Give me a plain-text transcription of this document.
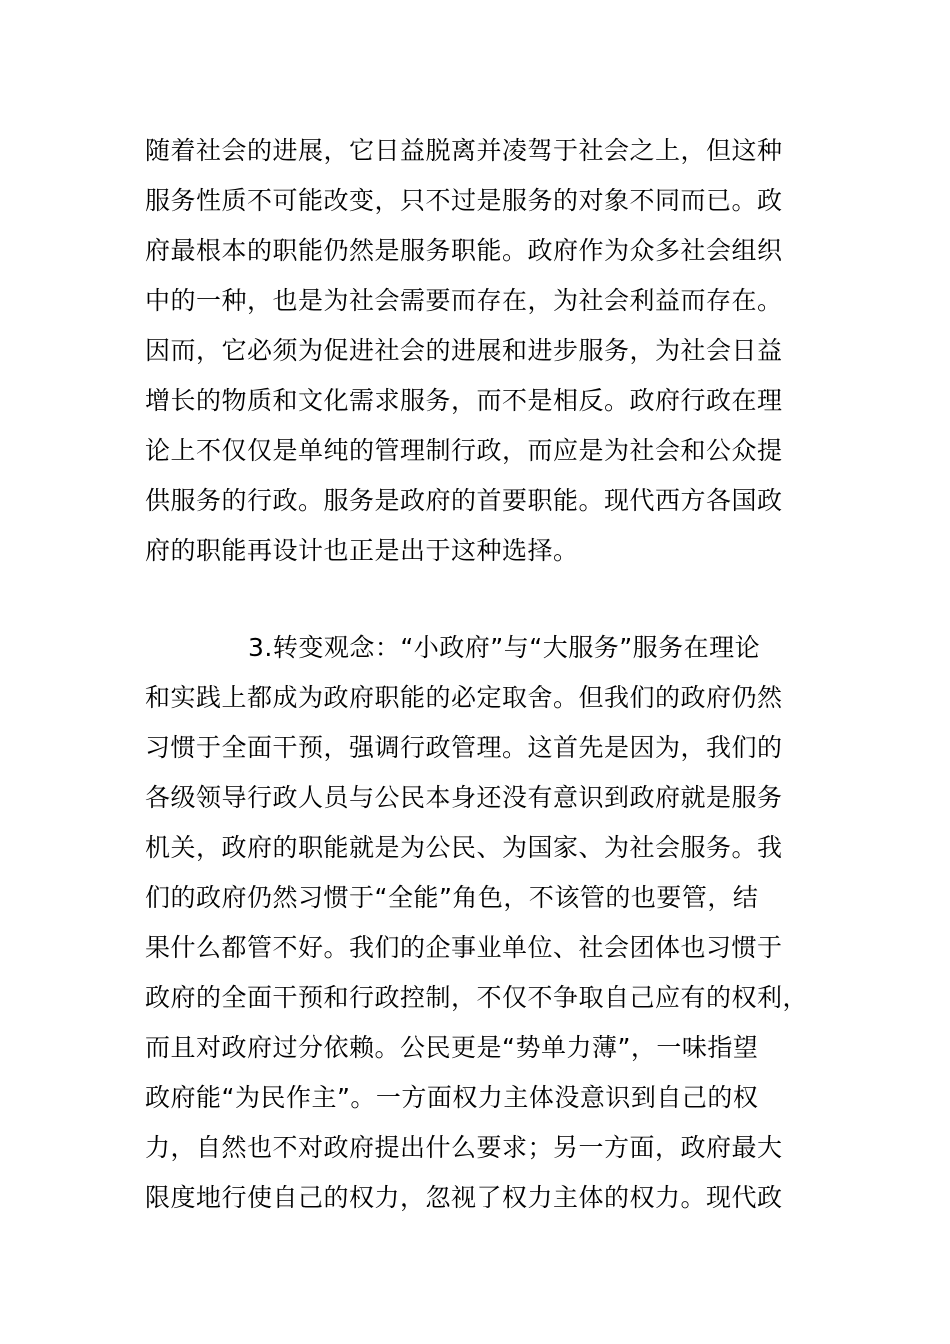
随着社会的进展，它日益脱离并凌驾于社会之上，但这种
服务性质不可能改变，只不过是服务的对象不同而已。政
府最根本的职能仍然是服务职能。政府作为众多社会组织
中的一种，也是为社会需要而存在，为社会利益而存在。
因而，它必须为促进社会的进展和进步服务，为社会日益
增长的物质和文化需求服务，而不是相反。政府行政在理
论上不仅仅是单纯的管理制行政，而应是为社会和公众提
供服务的行政。服务是政府的首要职能。现代西方各国政
府的职能再设计也正是出于这种选择。
3.转变观念：“小政府”与“大服务”服务在理论
和实践上都成为政府职能的必定取舍。但我们的政府仍然
习惯于全面干预，强调行政管理。这首先是因为，我们的
各级领导行政人员与公民本身还没有意识到政府就是服务
机关，政府的职能就是为公民、为国家、为社会服务。我
们的政府仍然习惯于“全能”角色，不该管的也要管，结
果什么都管不好。我们的企事业单位、社会团体也习惯于
政府的全面干预和行政控制，不仅不争取自己应有的权利，
而且对政府过分依赖。公民更是“势单力薄”，一味指望
政府能“为民作主”。一方面权力主体没意识到自己的权
力，自然也不对政府提出什么要求；另一方面，政府最大
限度地行使自己的权力，忽视了权力主体的权力。现代政
